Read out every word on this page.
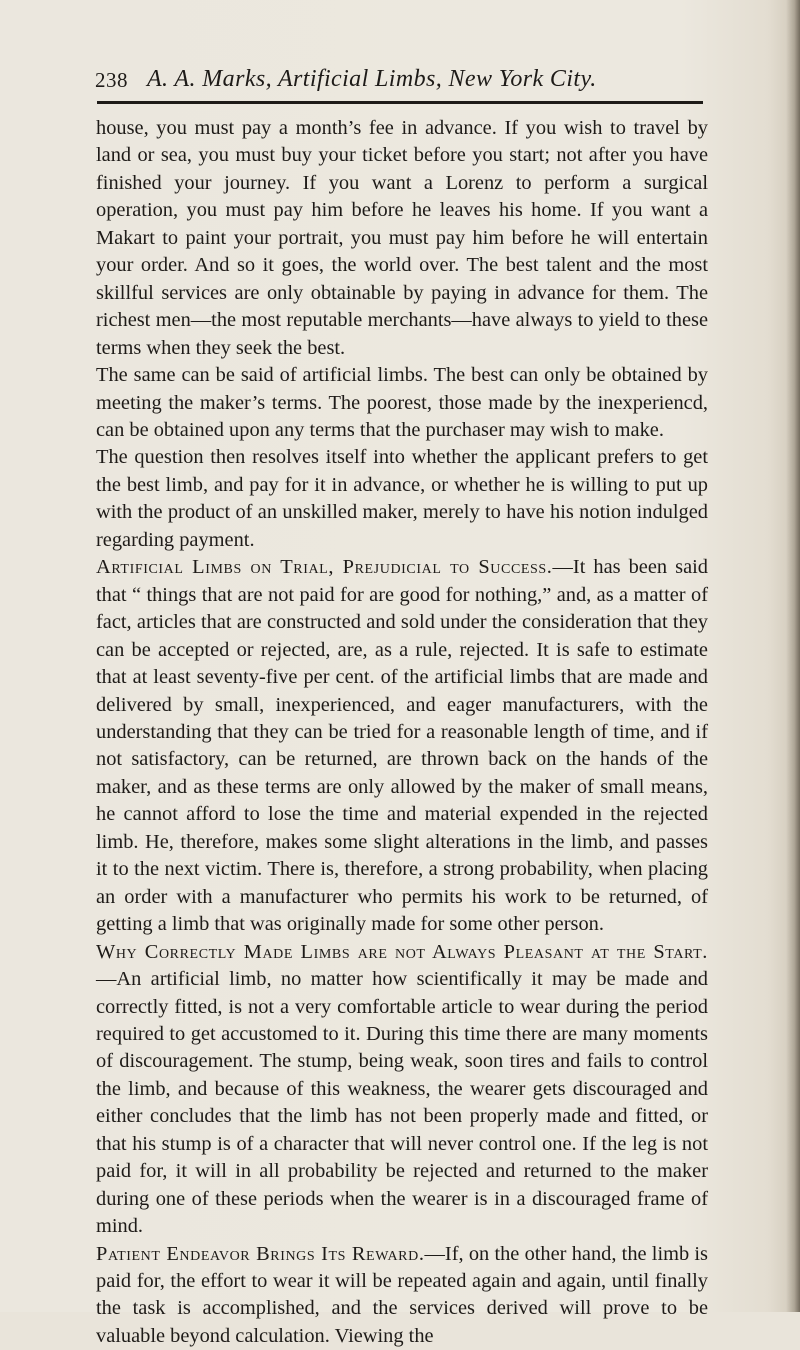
238 A. A. Marks, Artificial Limbs, New York City.

house, you must pay a month’s fee in advance. If you wish to travel by land or sea, you must buy your ticket before you start; not after you have finished your journey. If you want a Lorenz to perform a surgical operation, you must pay him before he leaves his home. If you want a Makart to paint your portrait, you must pay him before he will entertain your order. And so it goes, the world over. The best talent and the most skillful services are only obtainable by paying in advance for them. The richest men—the most reputable merchants—have always to yield to these terms when they seek the best.

The same can be said of artificial limbs. The best can only be obtained by meeting the maker’s terms. The poorest, those made by the inexperiencd, can be obtained upon any terms that the purchaser may wish to make.

The question then resolves itself into whether the applicant prefers to get the best limb, and pay for it in advance, or whether he is willing to put up with the product of an unskilled maker, merely to have his notion indulged regarding payment.

Artificial Limbs on Trial, Prejudicial to Success.—It has been said that “ things that are not paid for are good for nothing,” and, as a matter of fact, articles that are constructed and sold under the consideration that they can be accepted or rejected, are, as a rule, rejected. It is safe to estimate that at least seventy-five per cent. of the artificial limbs that are made and delivered by small, inexperienced, and eager manufacturers, with the understanding that they can be tried for a reasonable length of time, and if not satisfactory, can be returned, are thrown back on the hands of the maker, and as these terms are only allowed by the maker of small means, he cannot afford to lose the time and material expended in the rejected limb. He, therefore, makes some slight alterations in the limb, and passes it to the next victim. There is, therefore, a strong probability, when placing an order with a manufacturer who permits his work to be returned, of getting a limb that was originally made for some other person.

Why Correctly Made Limbs are not Always Pleasant at the Start.—An artificial limb, no matter how scientifically it may be made and correctly fitted, is not a very comfortable article to wear during the period required to get accustomed to it. During this time there are many moments of discouragement. The stump, being weak, soon tires and fails to control the limb, and because of this weakness, the wearer gets discouraged and either concludes that the limb has not been properly made and fitted, or that his stump is of a character that will never control one. If the leg is not paid for, it will in all probability be rejected and returned to the maker during one of these periods when the wearer is in a discouraged frame of mind.

Patient Endeavor Brings Its Reward.—If, on the other hand, the limb is paid for, the effort to wear it will be repeated again and again, until finally the task is accomplished, and the services derived will prove to be valuable beyond calculation. Viewing the
